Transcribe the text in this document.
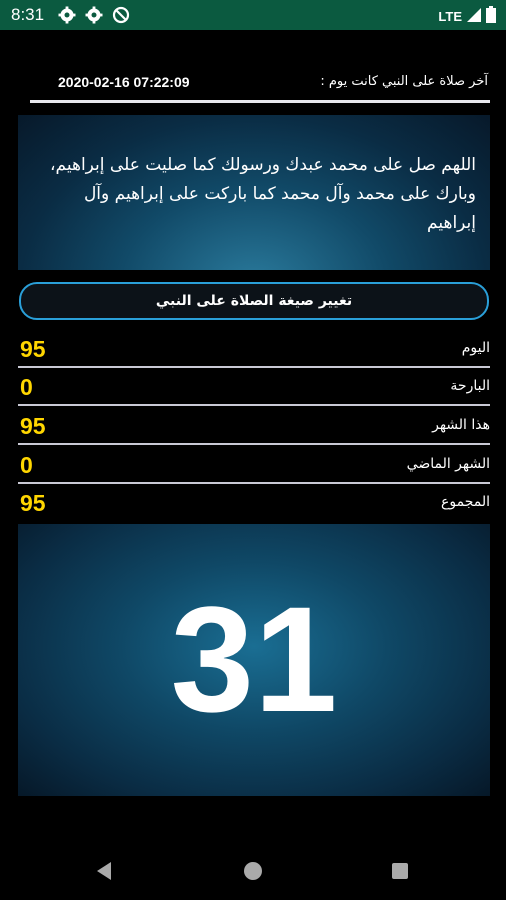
8:31	LTE
آخر صلاة على النبي كانت يوم :
2020-02-16 07:22:09
اللهم صل على محمد عبدك ورسولك كما صليت على إبراهيم، وبارك على محمد وآل محمد كما باركت على إبراهيم وآل إبراهيم
تغيير صيغة الصلاة على النبي
95	اليوم
0	البارحة
95	هذا الشهر
0	الشهر الماضي
95	المجموع
31
